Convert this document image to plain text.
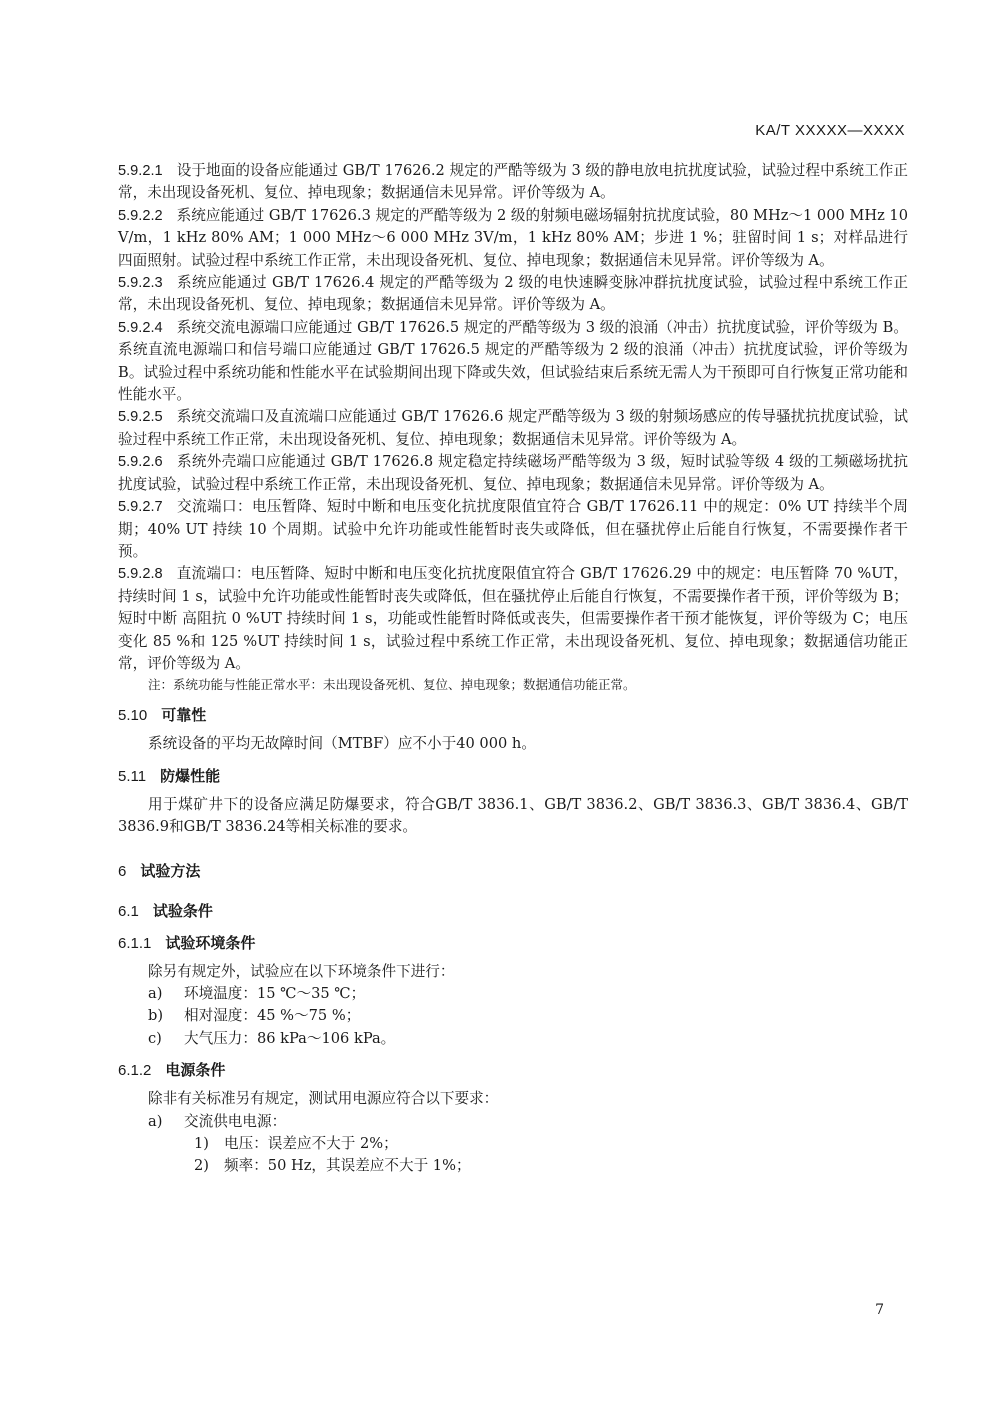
KA/T XXXXX—XXXX

5.9.2.1 设于地面的设备应能通过 GB/T 17626.2 规定的严酷等级为 3 级的静电放电抗扰度试验，试验过程中系统工作正常，未出现设备死机、复位、掉电现象；数据通信未见异常。评价等级为 A。

5.9.2.2 系统应能通过 GB/T 17626.3 规定的严酷等级为 2 级的射频电磁场辐射抗扰度试验，80 MHz～1 000 MHz 10 V/m，1 kHz 80% AM；1 000 MHz～6 000 MHz 3V/m，1 kHz 80% AM；步进 1 %；驻留时间 1 s；对样品进行四面照射。试验过程中系统工作正常，未出现设备死机、复位、掉电现象；数据通信未见异常。评价等级为 A。

5.9.2.3 系统应能通过 GB/T 17626.4 规定的严酷等级为 2 级的电快速瞬变脉冲群抗扰度试验，试验过程中系统工作正常，未出现设备死机、复位、掉电现象；数据通信未见异常。评价等级为 A。

5.9.2.4 系统交流电源端口应能通过 GB/T 17626.5 规定的严酷等级为 3 级的浪涌（冲击）抗扰度试验，评价等级为 B。系统直流电源端口和信号端口应能通过 GB/T 17626.5 规定的严酷等级为 2 级的浪涌（冲击）抗扰度试验，评价等级为 B。试验过程中系统功能和性能水平在试验期间出现下降或失效，但试验结束后系统无需人为干预即可自行恢复正常功能和性能水平。

5.9.2.5 系统交流端口及直流端口应能通过 GB/T 17626.6 规定严酷等级为 3 级的射频场感应的传导骚扰抗扰度试验，试验过程中系统工作正常，未出现设备死机、复位、掉电现象；数据通信未见异常。评价等级为 A。

5.9.2.6 系统外壳端口应能通过 GB/T 17626.8 规定稳定持续磁场严酷等级为 3 级，短时试验等级 4 级的工频磁场扰抗扰度试验，试验过程中系统工作正常，未出现设备死机、复位、掉电现象；数据通信未见异常。评价等级为 A。

5.9.2.7 交流端口：电压暂降、短时中断和电压变化抗扰度限值宜符合 GB/T 17626.11 中的规定：0% UT 持续半个周期；40% UT 持续 10 个周期。试验中允许功能或性能暂时丧失或降低，但在骚扰停止后能自行恢复，不需要操作者干预。

5.9.2.8 直流端口：电压暂降、短时中断和电压变化抗扰度限值宜符合 GB/T 17626.29 中的规定：电压暂降 70 %UT，持续时间 1 s，试验中允许功能或性能暂时丧失或降低，但在骚扰停止后能自行恢复，不需要操作者干预，评价等级为 B；短时中断 高阻抗 0 %UT 持续时间 1 s，功能或性能暂时降低或丧失，但需要操作者干预才能恢复，评价等级为 C；电压变化 85 %和 125 %UT 持续时间 1 s，试验过程中系统工作正常，未出现设备死机、复位、掉电现象；数据通信功能正常，评价等级为 A。

注：系统功能与性能正常水平：未出现设备死机、复位、掉电现象；数据通信功能正常。

5.10 可靠性

系统设备的平均无故障时间（MTBF）应不小于40 000 h。

5.11 防爆性能

用于煤矿井下的设备应满足防爆要求，符合GB/T 3836.1、GB/T 3836.2、GB/T 3836.3、GB/T 3836.4、GB/T 3836.9和GB/T 3836.24等相关标准的要求。

6 试验方法
6.1 试验条件
6.1.1 试验环境条件

除另有规定外，试验应在以下环境条件下进行：

a) 环境温度：15 ℃～35 ℃；

b) 相对湿度：45 %～75 %；

c) 大气压力：86 kPa～106 kPa。

6.1.2 电源条件

除非有关标准另有规定，测试用电源应符合以下要求：

a) 交流供电电源：

1) 电压：误差应不大于 2%；

2) 频率：50 Hz，其误差应不大于 1%；

7
